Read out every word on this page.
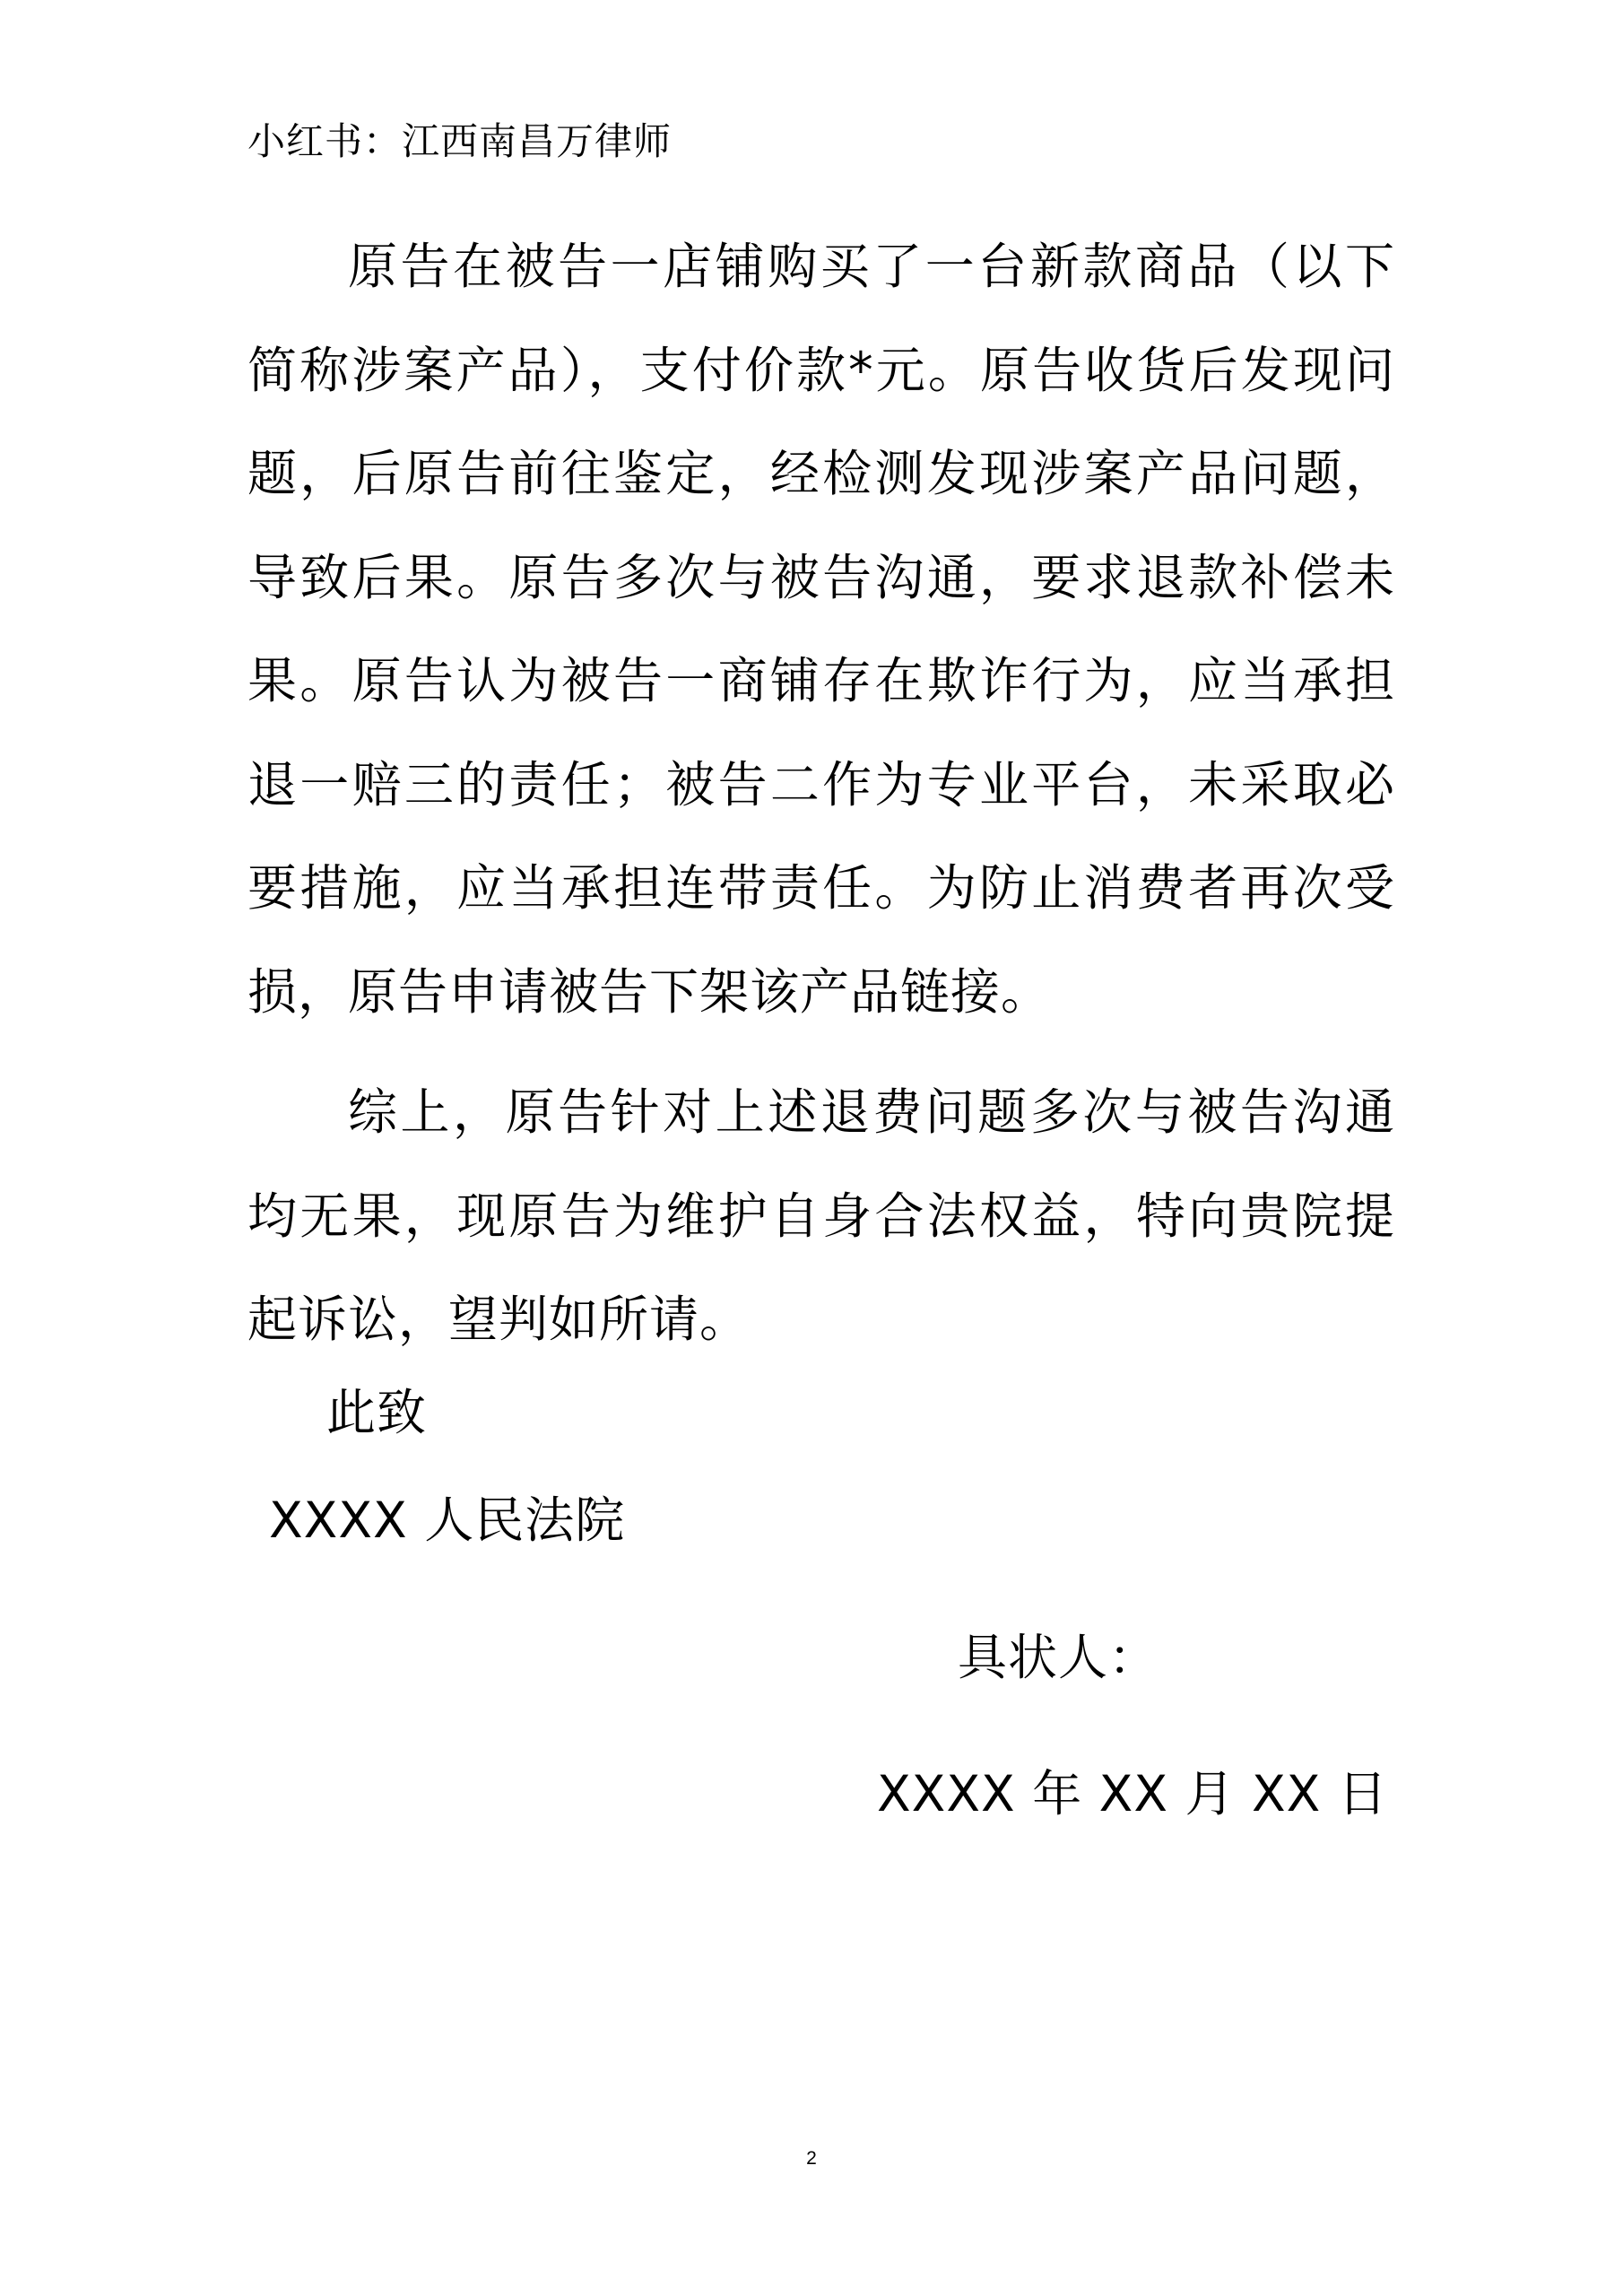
小红书：江西南昌万律师

原告在被告一店铺购买了一台新款商品（以下简称涉案产品），支付价款*元。原告收货后发现问题，后原告前往鉴定，经检测发现涉案产品问题，导致后果。原告多次与被告沟通，要求退款补偿未果。原告认为被告一商铺存在欺诈行为，应当承担退一赔三的责任；被告二作为专业平台，未采取必要措施，应当承担连带责任。为防止消费者再次受损，原告申请被告下架该产品链接。

综上，原告针对上述退费问题多次与被告沟通均无果，现原告为维护自身合法权益，特向贵院提起诉讼，望判如所请。

此致
XXXX 人民法院
具状人：
XXXX 年 XX 月 XX 日
2
